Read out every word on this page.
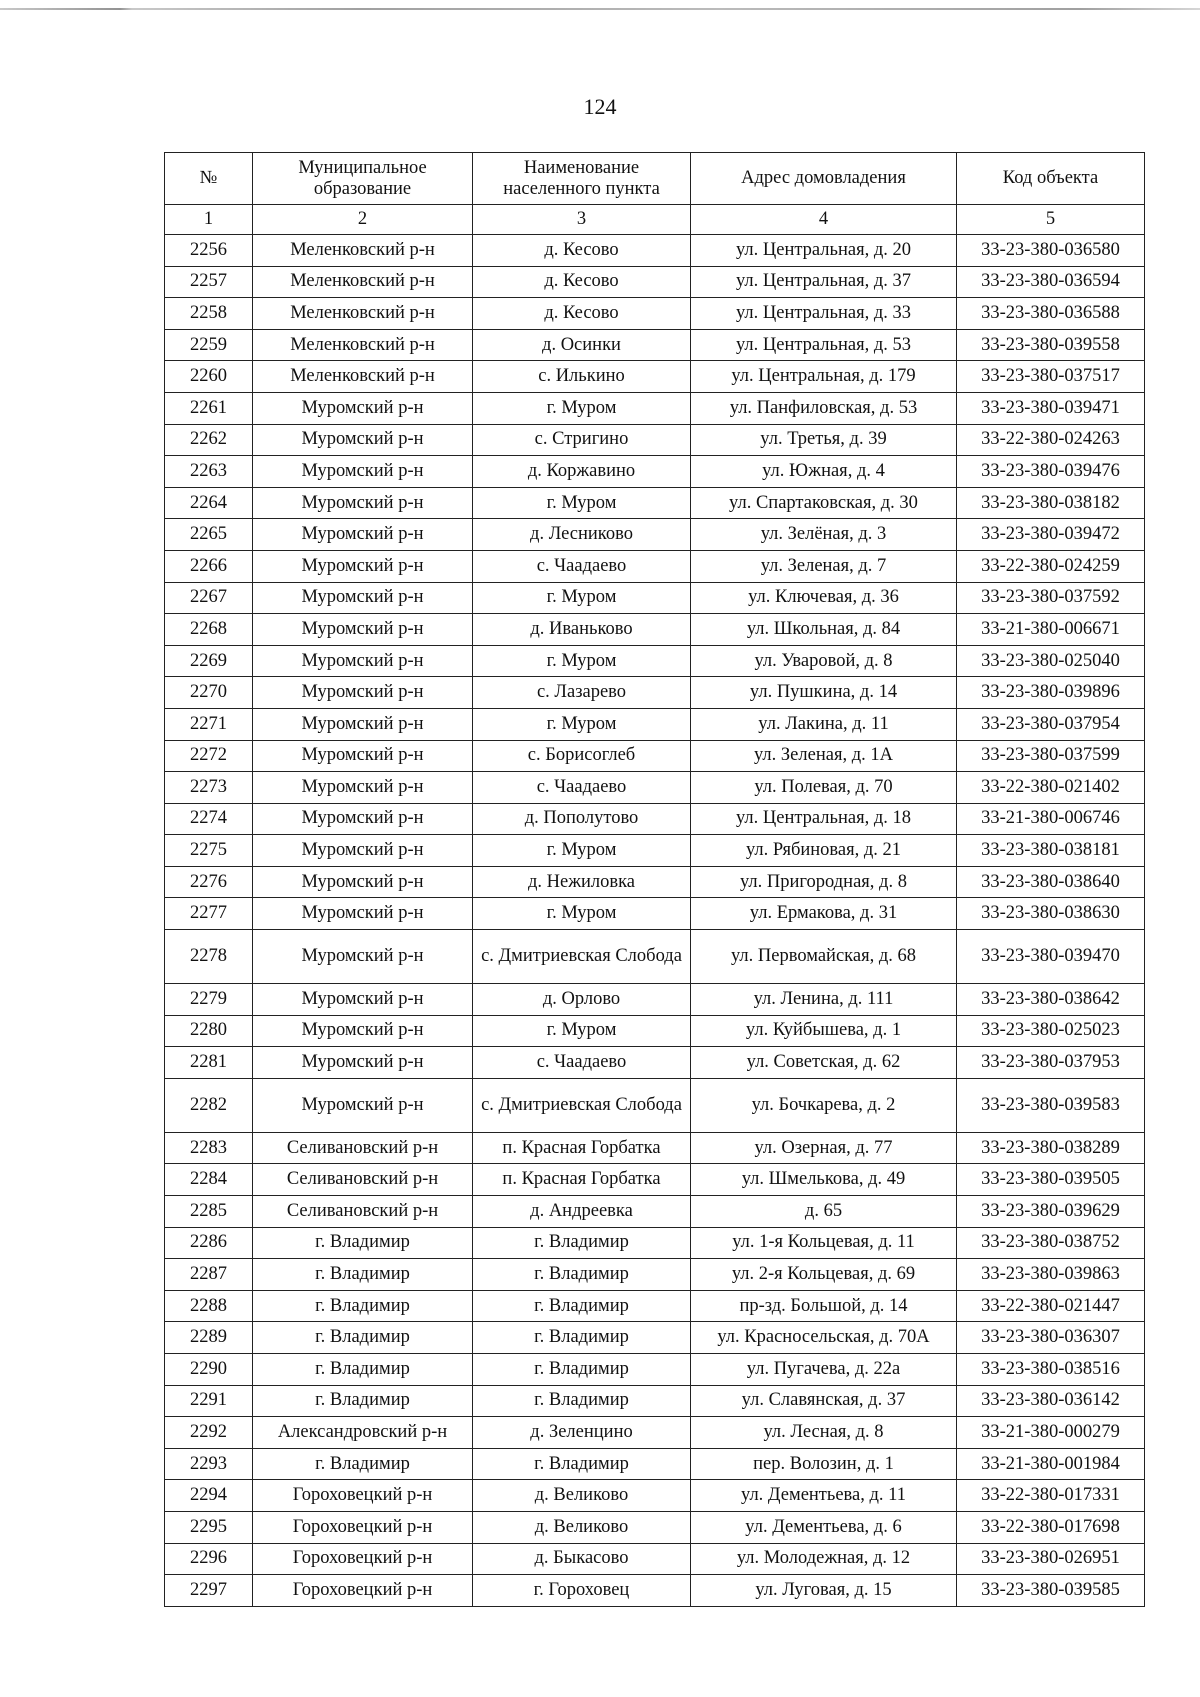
124
№	Муниципальное образование	Наименование населенного пункта	Адрес домовладения	Код объекта
1	2	3	4	5
2256	Меленковский р-н	д. Кесово	ул. Центральная, д. 20	33-23-380-036580
2257	Меленковский р-н	д. Кесово	ул. Центральная, д. 37	33-23-380-036594
2258	Меленковский р-н	д. Кесово	ул. Центральная, д. 33	33-23-380-036588
2259	Меленковский р-н	д. Осинки	ул. Центральная, д. 53	33-23-380-039558
2260	Меленковский р-н	с. Илькино	ул. Центральная, д. 179	33-23-380-037517
2261	Муромский р-н	г. Муром	ул. Панфиловская, д. 53	33-23-380-039471
2262	Муромский р-н	с. Стригино	ул. Третья, д. 39	33-22-380-024263
2263	Муромский р-н	д. Коржавино	ул. Южная, д. 4	33-23-380-039476
2264	Муромский р-н	г. Муром	ул. Спартаковская, д. 30	33-23-380-038182
2265	Муромский р-н	д. Лесниково	ул. Зелёная, д. 3	33-23-380-039472
2266	Муромский р-н	с. Чаадаево	ул. Зеленая, д. 7	33-22-380-024259
2267	Муромский р-н	г. Муром	ул. Ключевая, д. 36	33-23-380-037592
2268	Муромский р-н	д. Иваньково	ул. Школьная, д. 84	33-21-380-006671
2269	Муромский р-н	г. Муром	ул. Уваровой, д. 8	33-23-380-025040
2270	Муромский р-н	с. Лазарево	ул. Пушкина, д. 14	33-23-380-039896
2271	Муромский р-н	г. Муром	ул. Лакина, д. 11	33-23-380-037954
2272	Муромский р-н	с. Борисоглеб	ул. Зеленая, д. 1А	33-23-380-037599
2273	Муромский р-н	с. Чаадаево	ул. Полевая, д. 70	33-22-380-021402
2274	Муромский р-н	д. Пополутово	ул. Центральная, д. 18	33-21-380-006746
2275	Муромский р-н	г. Муром	ул. Рябиновая, д. 21	33-23-380-038181
2276	Муромский р-н	д. Нежиловка	ул. Пригородная, д. 8	33-23-380-038640
2277	Муромский р-н	г. Муром	ул. Ермакова, д. 31	33-23-380-038630
2278	Муромский р-н	с. Дмитриевская Слобода	ул. Первомайская, д. 68	33-23-380-039470
2279	Муромский р-н	д. Орлово	ул. Ленина, д. 111	33-23-380-038642
2280	Муромский р-н	г. Муром	ул. Куйбышева, д. 1	33-23-380-025023
2281	Муромский р-н	с. Чаадаево	ул. Советская, д. 62	33-23-380-037953
2282	Муромский р-н	с. Дмитриевская Слобода	ул. Бочкарева, д. 2	33-23-380-039583
2283	Селивановский р-н	п. Красная Горбатка	ул. Озерная, д. 77	33-23-380-038289
2284	Селивановский р-н	п. Красная Горбатка	ул. Шмелькова, д. 49	33-23-380-039505
2285	Селивановский р-н	д. Андреевка	д. 65	33-23-380-039629
2286	г. Владимир	г. Владимир	ул. 1-я Кольцевая, д. 11	33-23-380-038752
2287	г. Владимир	г. Владимир	ул. 2-я Кольцевая, д. 69	33-23-380-039863
2288	г. Владимир	г. Владимир	пр-зд. Большой, д. 14	33-22-380-021447
2289	г. Владимир	г. Владимир	ул. Красносельская, д. 70А	33-23-380-036307
2290	г. Владимир	г. Владимир	ул. Пугачева, д. 22а	33-23-380-038516
2291	г. Владимир	г. Владимир	ул. Славянская, д. 37	33-23-380-036142
2292	Александровский р-н	д. Зеленцино	ул. Лесная, д. 8	33-21-380-000279
2293	г. Владимир	г. Владимир	пер. Волозин, д. 1	33-21-380-001984
2294	Гороховецкий р-н	д. Великово	ул. Дементьева, д. 11	33-22-380-017331
2295	Гороховецкий р-н	д. Великово	ул. Дементьева, д. 6	33-22-380-017698
2296	Гороховецкий р-н	д. Быкасово	ул. Молодежная, д. 12	33-23-380-026951
2297	Гороховецкий р-н	г. Гороховец	ул. Луговая, д. 15	33-23-380-039585
